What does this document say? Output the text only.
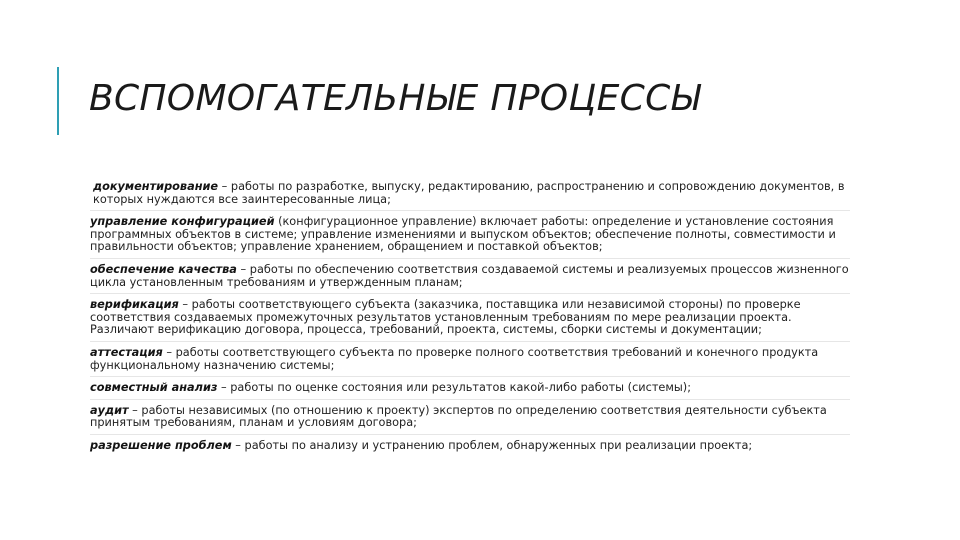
ВСПОМОГАТЕЛЬНЫЕ ПРОЦЕССЫ
документирование – работы по разработке, выпуску, редактированию, распространению и сопровождению документов, в которых нуждаются все заинтересованные лица;
управление конфигурацией (конфигурационное управление) включает работы: определение и установление состояния программных объектов в системе; управление изменениями и выпуском объектов; обеспечение полноты, совместимости и правильности объектов; управление хранением, обращением и поставкой объектов;
обеспечение качества – работы по обеспечению соответствия создаваемой системы и реализуемых процессов жизненного цикла установленным требованиям и утвержденным планам;
верификация – работы соответствующего субъекта (заказчика, поставщика или независимой стороны) по проверке соответствия создаваемых промежуточных результатов установленным требованиям по мере реализации проекта. Различают верификацию договора, процесса, требований, проекта, системы, сборки системы и документации;
аттестация – работы соответствующего субъекта по проверке полного соответствия требований и конечного продукта функциональному назначению системы;
совместный анализ – работы по оценке состояния или результатов какой-либо работы (системы);
аудит – работы независимых (по отношению к проекту) экспертов по определению соответствия деятельности субъекта принятым требованиям, планам и условиям договора;
разрешение проблем – работы по анализу и устранению проблем, обнаруженных при реализации проекта;
